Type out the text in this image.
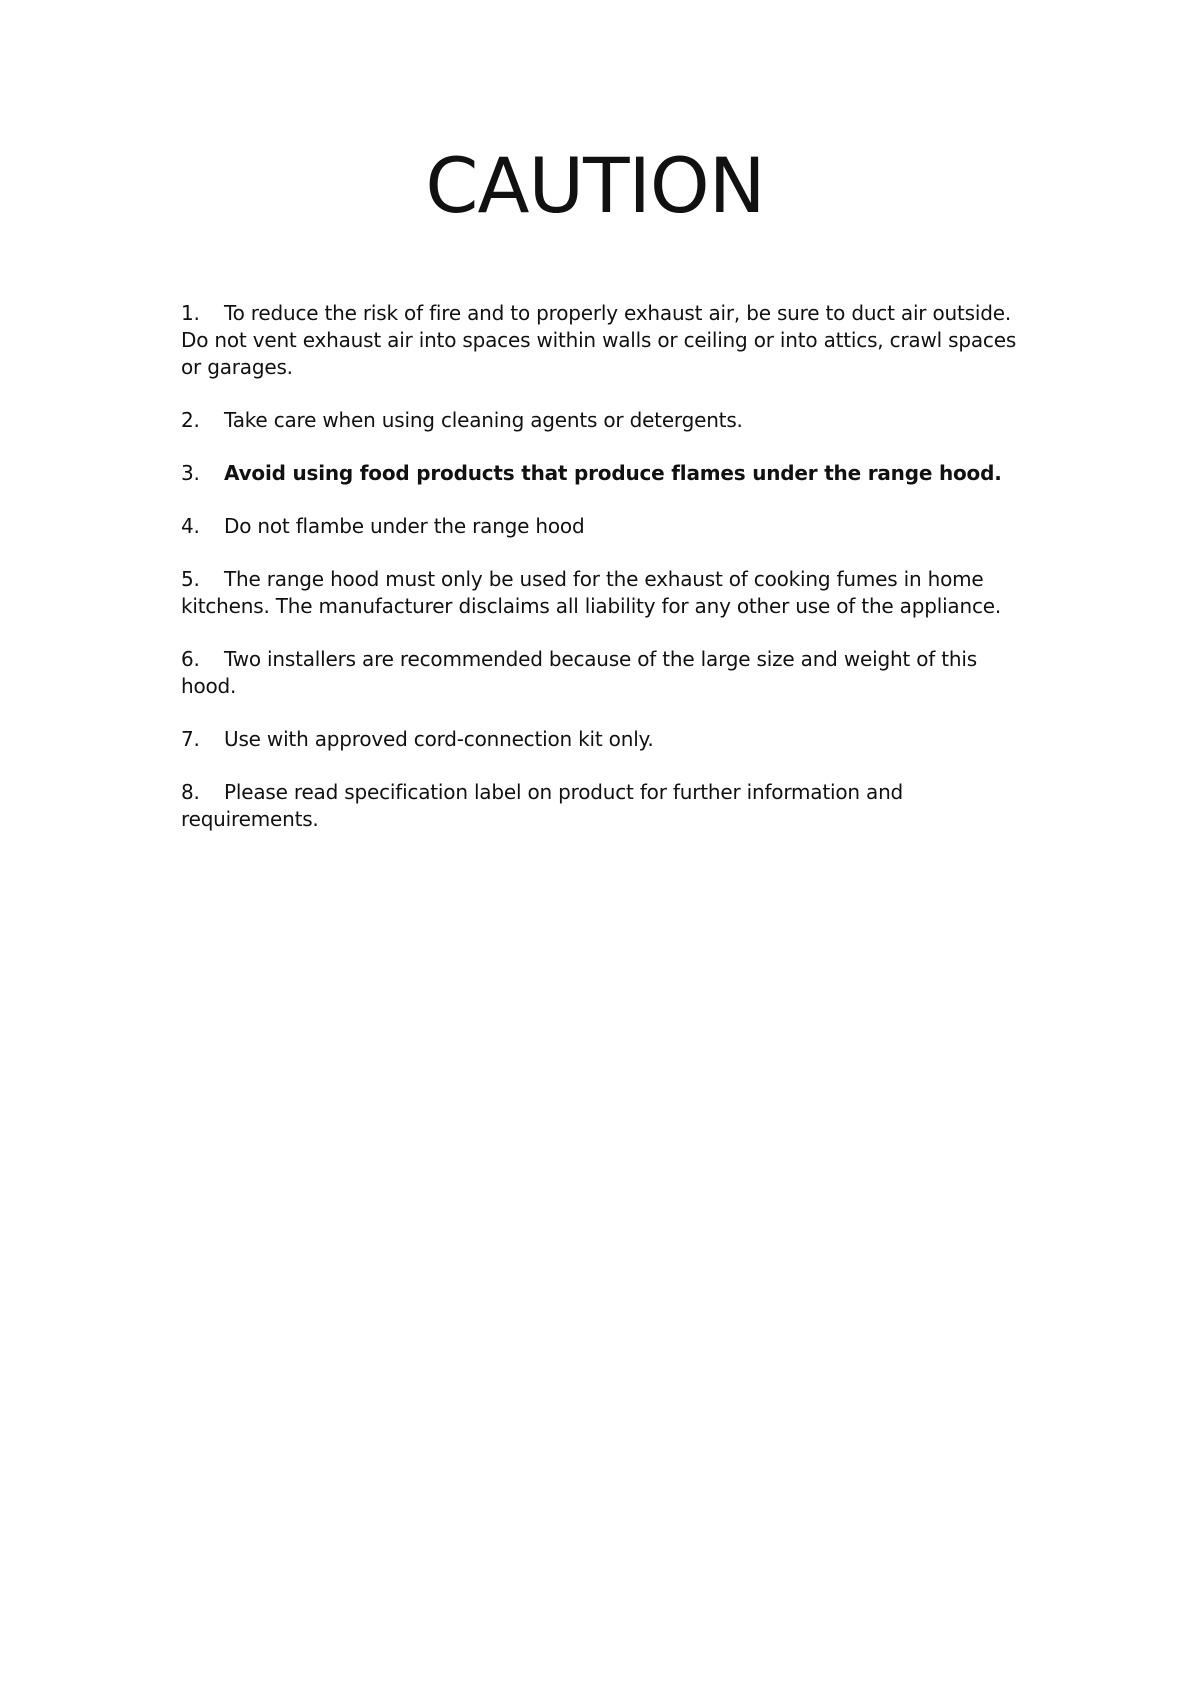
CAUTION

1. To reduce the risk of fire and to properly exhaust air, be sure to duct air outside. Do not vent exhaust air into spaces within walls or ceiling or into attics, crawl spaces or garages.

2. Take care when using cleaning agents or detergents.

3. Avoid using food products that produce flames under the range hood.

4. Do not flambe under the range hood

5. The range hood must only be used for the exhaust of cooking fumes in home kitchens. The manufacturer disclaims all liability for any other use of the appliance.

6. Two installers are recommended because of the large size and weight of this hood.

7. Use with approved cord-connection kit only.

8. Please read specification label on product for further information and requirements.
